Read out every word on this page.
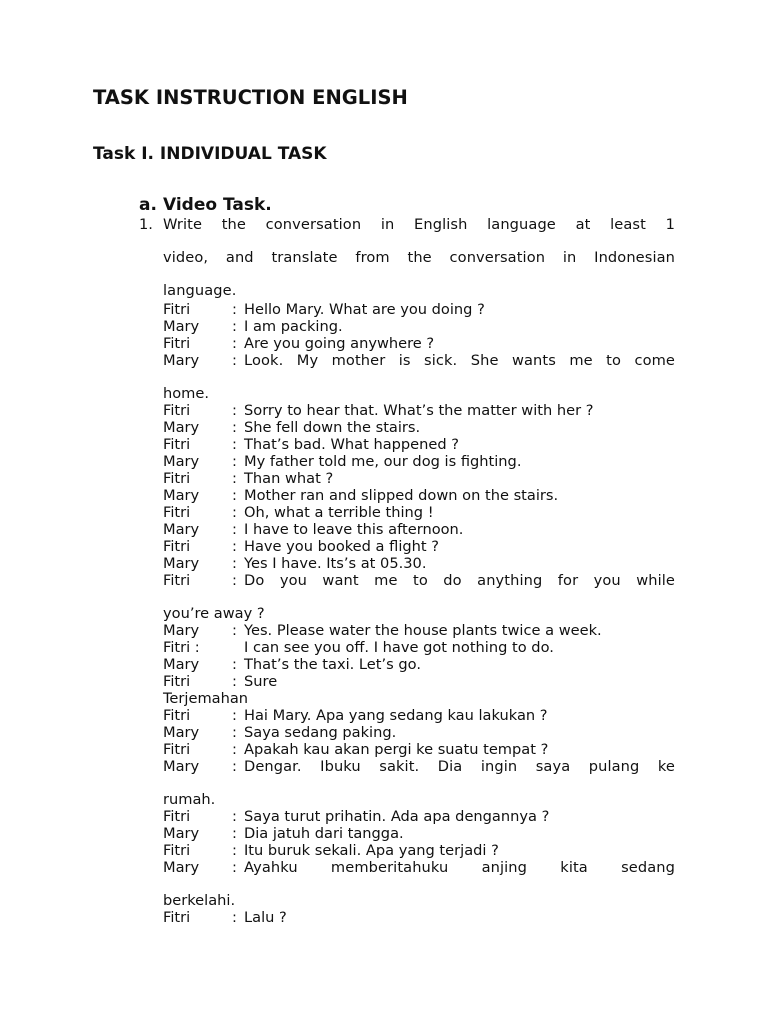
TASK INSTRUCTION ENGLISH
Task I. INDIVIDUAL TASK
a. Video Task.
1. Write the conversation in English language at least 1
video, and translate from the conversation in Indonesian
language.
Fitri	: Hello Mary. What are you doing ?
Mary : I am packing.
Fitri	: Are you going anywhere ?
Mary : Look. My mother is sick. She wants me to come
home.
Fitri	: Sorry to hear that. What’s the matter with her ?
Mary : She fell down the stairs.
Fitri	: That’s bad. What happened ?
Mary : My father told me, our dog is fighting.
Fitri	: Than what ?
Mary : Mother ran and slipped down on the stairs.
Fitri	: Oh, what a terrible thing !
Mary : I have to leave this afternoon.
Fitri	: Have you booked a flight ?
Mary : Yes I have. Its’s at 05.30.
Fitri	: Do you want me to do anything for you while
you’re away ?
Mary : Yes. Please water the house plants twice a week.
Fitri :	I can see you off. I have got nothing to do.
Mary : That’s the taxi. Let’s go.
Fitri	: Sure
Terjemahan
Fitri	: Hai Mary. Apa yang sedang kau lakukan ?
Mary : Saya sedang paking.
Fitri	: Apakah kau akan pergi ke suatu tempat ?
Mary : Dengar. Ibuku sakit. Dia ingin saya pulang ke
rumah.
Fitri	: Saya turut prihatin. Ada apa dengannya ?
Mary : Dia jatuh dari tangga.
Fitri	: Itu buruk sekali. Apa yang terjadi ?
Mary : Ayahku memberitahuku anjing kita sedang
berkelahi.
Fitri	: Lalu ?
